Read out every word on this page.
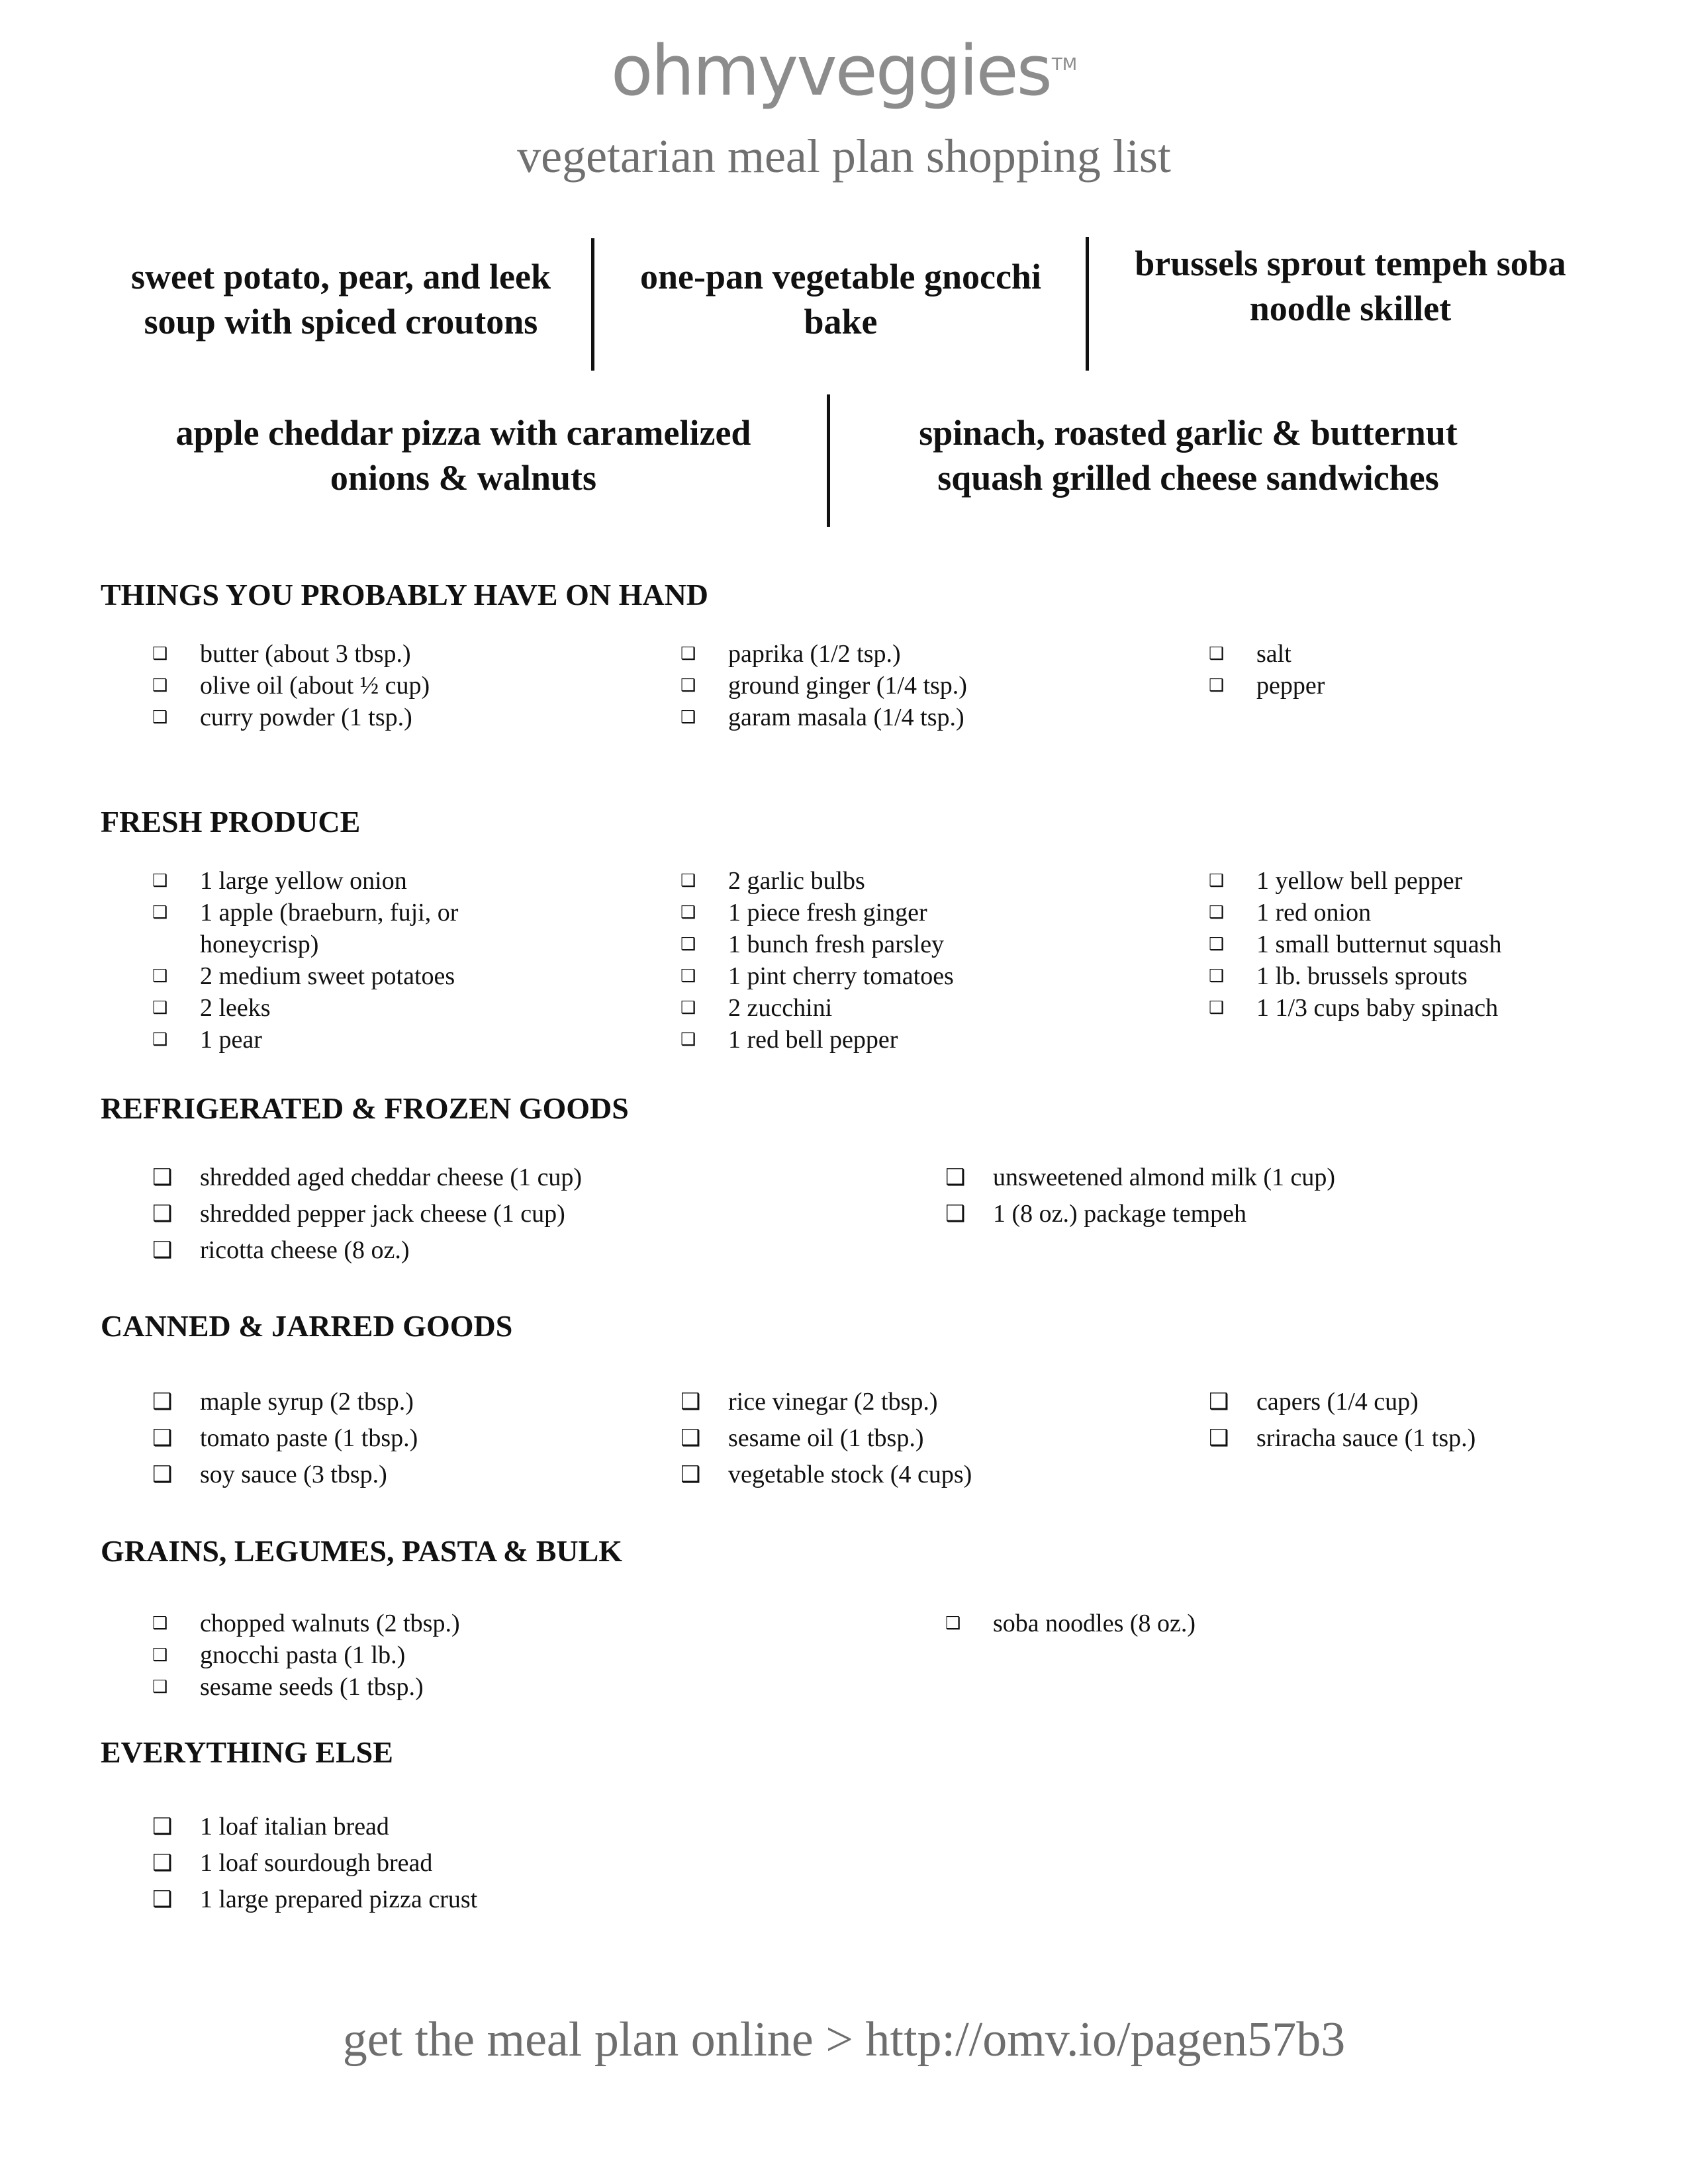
ohmyveggies™
vegetarian meal plan shopping list
sweet potato, pear, and leek
soup with spiced croutons
one-pan vegetable gnocchi
bake
brussels sprout tempeh soba
noodle skillet
apple cheddar pizza with caramelized
onions & walnuts
spinach, roasted garlic & butternut
squash grilled cheese sandwiches
THINGS YOU PROBABLY HAVE ON HAND
❑	butter (about 3 tbsp.)
❑	olive oil (about ½ cup)
❑	curry powder (1 tsp.)
❑	paprika (1/2 tsp.)
❑	ground ginger (1/4 tsp.)
❑	garam masala (1/4 tsp.)
❑	salt
❑	pepper
FRESH PRODUCE
❑	1 large yellow onion
❑	1 apple (braeburn, fuji, or
honeycrisp)
❑	2 medium sweet potatoes
❑	2 leeks
❑	1 pear
❑	2 garlic bulbs
❑	1 piece fresh ginger
❑	1 bunch fresh parsley
❑	1 pint cherry tomatoes
❑	2 zucchini
❑	1 red bell pepper
❑	1 yellow bell pepper
❑	1 red onion
❑	1 small butternut squash
❑	1 lb. brussels sprouts
❑	1 1/3 cups baby spinach
REFRIGERATED & FROZEN GOODS
❑	shredded aged cheddar cheese (1 cup)
❑	shredded pepper jack cheese (1 cup)
❑	ricotta cheese (8 oz.)
❑	unsweetened almond milk (1 cup)
❑	1 (8 oz.) package tempeh
CANNED & JARRED GOODS
❑	maple syrup (2 tbsp.)
❑	tomato paste (1 tbsp.)
❑	soy sauce (3 tbsp.)
❑	rice vinegar (2 tbsp.)
❑	sesame oil (1 tbsp.)
❑	vegetable stock (4 cups)
❑	capers (1/4 cup)
❑	sriracha sauce (1 tsp.)
GRAINS, LEGUMES, PASTA & BULK
❑	chopped walnuts (2 tbsp.)
❑	gnocchi pasta (1 lb.)
❑	sesame seeds (1 tbsp.)
❑	soba noodles (8 oz.)
EVERYTHING ELSE
❑	1 loaf italian bread
❑	1 loaf sourdough bread
❑	1 large prepared pizza crust
get the meal plan online > http://omv.io/pagen57b3
